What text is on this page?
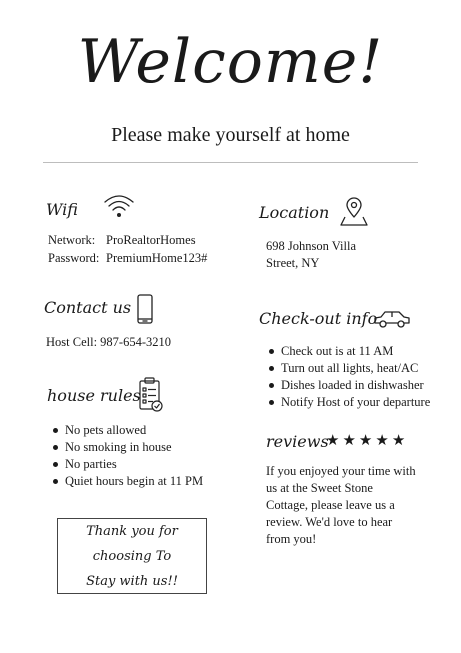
Welcome!
Please make yourself at home
Wifi
Network: ProRealtorHomes
Password: PremiumHome123#
Location
698 Johnson Villa
Street, NY
Contact us
Host Cell: 987-654-3210
Check-out info
Check out is at 11 AM
Turn out all lights, heat/AC
Dishes loaded in dishwasher
Notify Host of your departure
house rules
No pets allowed
No smoking in house
No parties
Quiet hours begin at 11 PM
reviews
★ ★ ★ ★ ★
If you enjoyed your time with
us at the Sweet Stone
Cottage, please leave us a
review. We'd love to hear
from you!
Thank you for
choosing To
Stay with us!!
